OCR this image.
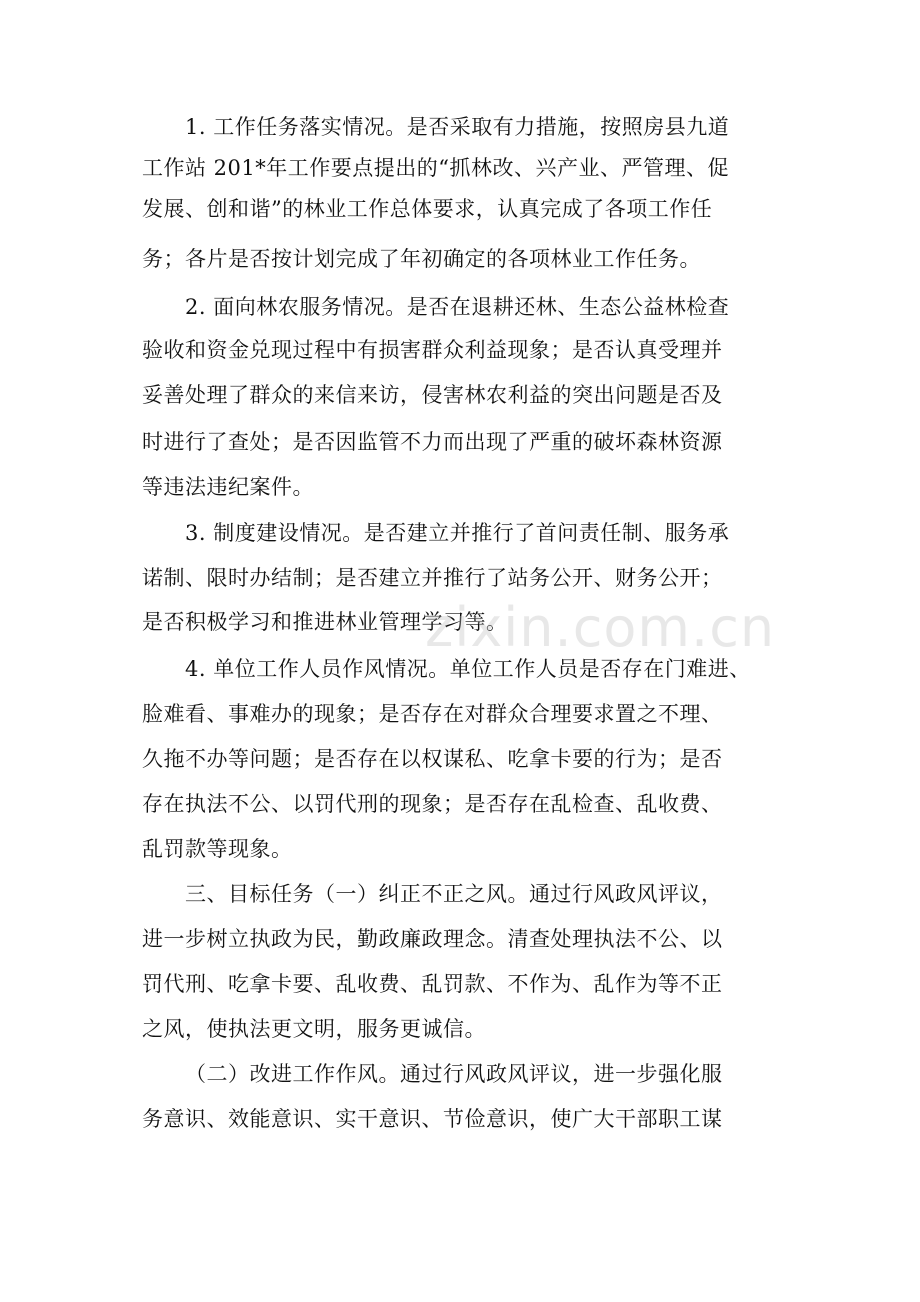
1. 工作任务落实情况。是否采取有力措施，按照房县九道
工作站 201*年工作要点提出的“抓林改、兴产业、严管理、促
发展、创和谐”的林业工作总体要求，认真完成了各项工作任
务；各片是否按计划完成了年初确定的各项林业工作任务。
2. 面向林农服务情况。是否在退耕还林、生态公益林检查
验收和资金兑现过程中有损害群众利益现象；是否认真受理并
妥善处理了群众的来信来访，侵害林农利益的突出问题是否及
时进行了查处；是否因监管不力而出现了严重的破坏森林资源
等违法违纪案件。
3. 制度建设情况。是否建立并推行了首问责任制、服务承
诺制、限时办结制；是否建立并推行了站务公开、财务公开；
是否积极学习和推进林业管理学习等。
zixin.com.cn
4. 单位工作人员作风情况。单位工作人员是否存在门难进、
脸难看、事难办的现象；是否存在对群众合理要求置之不理、
久拖不办等问题；是否存在以权谋私、吃拿卡要的行为；是否
存在执法不公、以罚代刑的现象；是否存在乱检查、乱收费、
乱罚款等现象。
三、目标任务（一）纠正不正之风。通过行风政风评议，
进一步树立执政为民，勤政廉政理念。清查处理执法不公、以
罚代刑、吃拿卡要、乱收费、乱罚款、不作为、乱作为等不正
之风，使执法更文明，服务更诚信。
（二）改进工作作风。通过行风政风评议，进一步强化服
务意识、效能意识、实干意识、节俭意识，使广大干部职工谋
